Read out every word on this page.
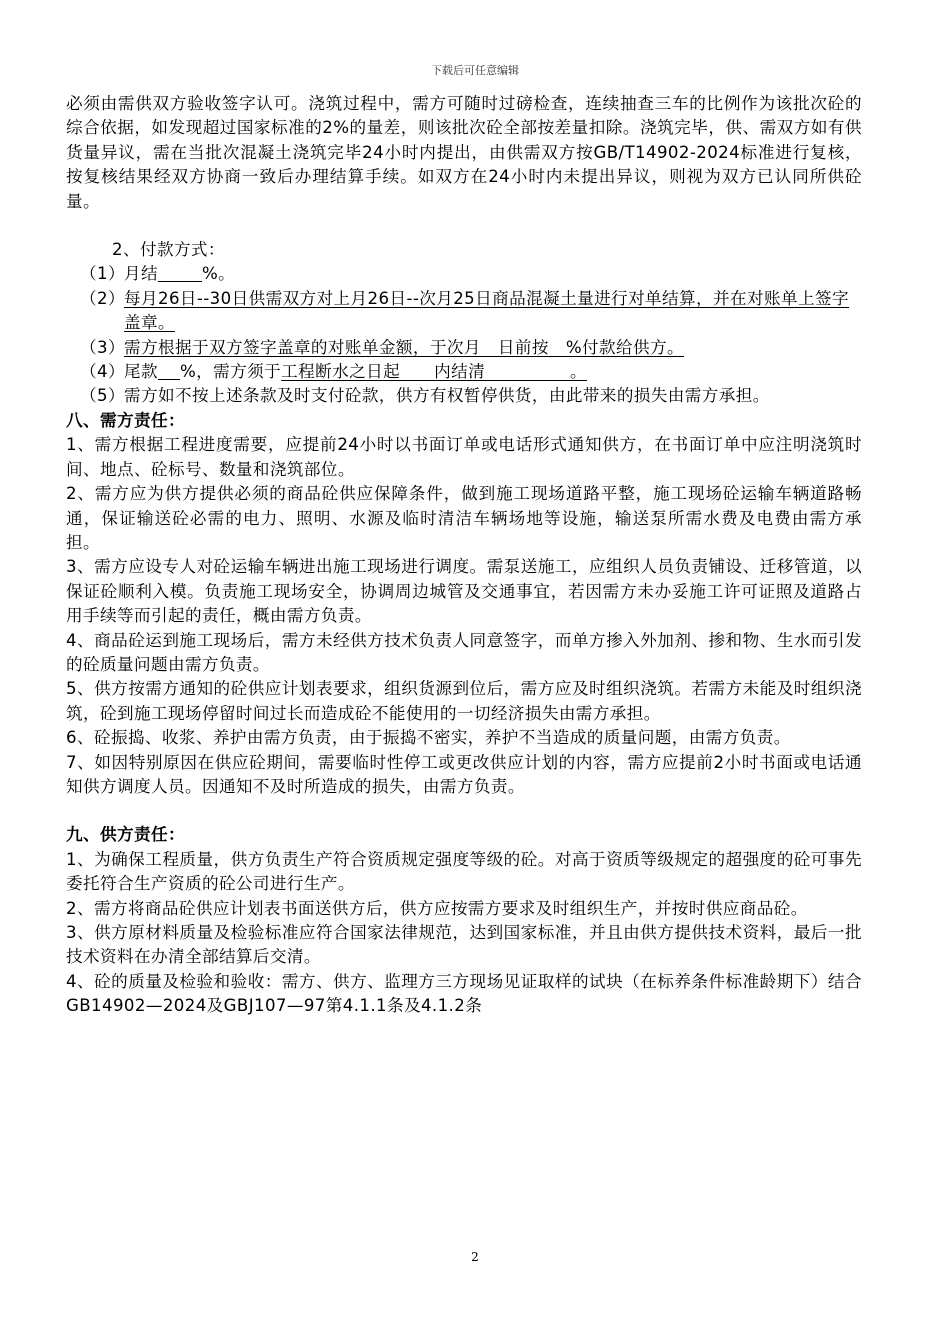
下载后可任意编辑

必须由需供双方验收签字认可。浇筑过程中，需方可随时过磅检查，连续抽查三车的比例作为该批次砼的综合依据，如发现超过国家标准的2%的量差，则该批次砼全部按差量扣除。浇筑完毕，供、需双方如有供货量异议，需在当批次混凝土浇筑完毕24小时内提出，由供需双方按GB/T14902-2024标准进行复核，按复核结果经双方协商一致后办理结算手续。如双方在24小时内未提出异议，则视为双方已认同所供砼量。

2、付款方式：

（1） 月结	%。

（2） 每月26日--30日供需双方对上月26日--次月25日商品混凝土量进行对单结算，并在对账单上签字盖章。

（3） 需方根据于双方签字盖章的对账单金额，于次月　日前按　%付款给供方。

（4） 尾款 %，需方须于工程断水之日起　　内结清　　　　　。

（5） 需方如不按上述条款及时支付砼款，供方有权暂停供货，由此带来的损失由需方承担。

八、需方责任：

1、需方根据工程进度需要，应提前24小时以书面订单或电话形式通知供方，在书面订单中应注明浇筑时间、地点、砼标号、数量和浇筑部位。

2、需方应为供方提供必须的商品砼供应保障条件，做到施工现场道路平整，施工现场砼运输车辆道路畅通，保证输送砼必需的电力、照明、水源及临时清洁车辆场地等设施，输送泵所需水费及电费由需方承担。

3、需方应设专人对砼运输车辆进出施工现场进行调度。需泵送施工，应组织人员负责铺设、迁移管道，以保证砼顺利入模。负责施工现场安全，协调周边城管及交通事宜，若因需方未办妥施工许可证照及道路占用手续等而引起的责任，概由需方负责。

4、商品砼运到施工现场后，需方未经供方技术负责人同意签字，而单方掺入外加剂、掺和物、生水而引发的砼质量问题由需方负责。

5、供方按需方通知的砼供应计划表要求，组织货源到位后，需方应及时组织浇筑。若需方未能及时组织浇筑，砼到施工现场停留时间过长而造成砼不能使用的一切经济损失由需方承担。

6、砼振捣、收浆、养护由需方负责，由于振捣不密实，养护不当造成的质量问题，由需方负责。

7、如因特别原因在供应砼期间，需要临时性停工或更改供应计划的内容，需方应提前2小时书面或电话通知供方调度人员。因通知不及时所造成的损失，由需方负责。

九、供方责任：

1、为确保工程质量，供方负责生产符合资质规定强度等级的砼。对高于资质等级规定的超强度的砼可事先委托符合生产资质的砼公司进行生产。

2、需方将商品砼供应计划表书面送供方后，供方应按需方要求及时组织生产，并按时供应商品砼。

3、供方原材料质量及检验标准应符合国家法律规范，达到国家标准，并且由供方提供技术资料，最后一批技术资料在办清全部结算后交清。

4、砼的质量及检验和验收：需方、供方、监理方三方现场见证取样的试块（在标养条件标准龄期下）结合GB14902—2024及GBJ107—97第4.1.1条及4.1.2条

2
